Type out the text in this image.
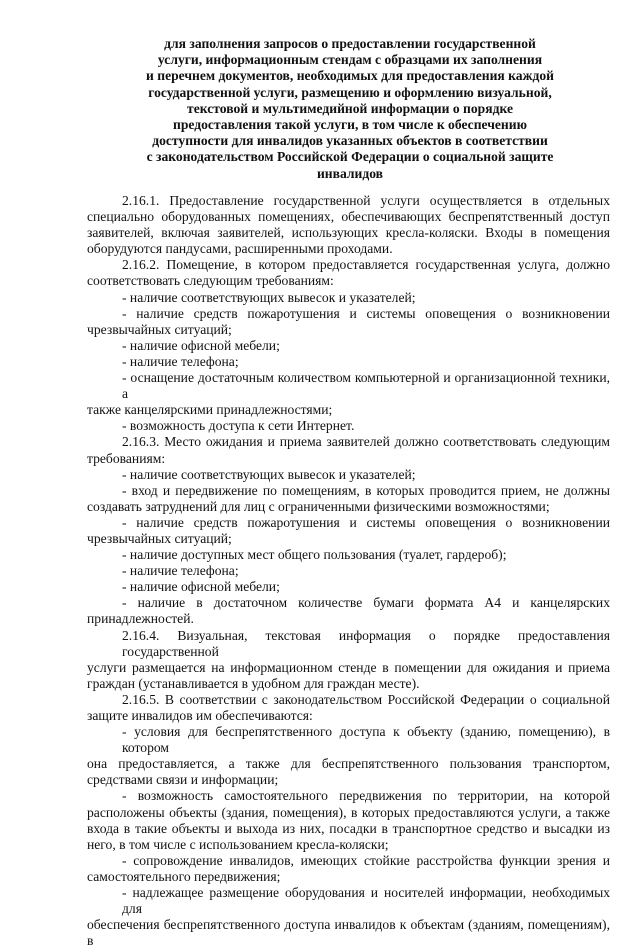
для заполнения запросов о предоставлении государственной
услуги, информационным стендам с образцами их заполнения
и перечнем документов, необходимых для предоставления каждой
государственной услуги, размещению и оформлению визуальной,
текстовой и мультимедийной информации о порядке
предоставления такой услуги, в том числе к обеспечению
доступности для инвалидов указанных объектов в соответствии
с законодательством Российской Федерации о социальной защите
инвалидов
2.16.1. Предоставление государственной услуги осуществляется в отдельных
специально оборудованных помещениях, обеспечивающих беспрепятственный доступ
заявителей, включая заявителей, использующих кресла-коляски. Входы в помещения
оборудуются пандусами, расширенными проходами.
2.16.2. Помещение, в котором предоставляется государственная услуга, должно
соответствовать следующим требованиям:
- наличие соответствующих вывесок и указателей;
- наличие средств пожаротушения и системы оповещения о возникновении
чрезвычайных ситуаций;
- наличие офисной мебели;
- наличие телефона;
- оснащение достаточным количеством компьютерной и организационной техники, а
также канцелярскими принадлежностями;
- возможность доступа к сети Интернет.
2.16.3. Место ожидания и приема заявителей должно соответствовать следующим
требованиям:
- наличие соответствующих вывесок и указателей;
- вход и передвижение по помещениям, в которых проводится прием, не должны
создавать затруднений для лиц с ограниченными физическими возможностями;
- наличие средств пожаротушения и системы оповещения о возникновении
чрезвычайных ситуаций;
- наличие доступных мест общего пользования (туалет, гардероб);
- наличие телефона;
- наличие офисной мебели;
- наличие в достаточном количестве бумаги формата А4 и канцелярских
принадлежностей.
2.16.4. Визуальная, текстовая информация о порядке предоставления государственной
услуги размещается на информационном стенде в помещении для ожидания и приема
граждан (устанавливается в удобном для граждан месте).
2.16.5. В соответствии с законодательством Российской Федерации о социальной
защите инвалидов им обеспечиваются:
- условия для беспрепятственного доступа к объекту (зданию, помещению), в котором
она предоставляется, а также для беспрепятственного пользования транспортом,
средствами связи и информации;
- возможность самостоятельного передвижения по территории, на которой
расположены объекты (здания, помещения), в которых предоставляются услуги, а также
входа в такие объекты и выхода из них, посадки в транспортное средство и высадки из
него, в том числе с использованием кресла-коляски;
- сопровождение инвалидов, имеющих стойкие расстройства функции зрения и
самостоятельного передвижения;
- надлежащее размещение оборудования и носителей информации, необходимых для
обеспечения беспрепятственного доступа инвалидов к объектам (зданиям, помещениям), в
